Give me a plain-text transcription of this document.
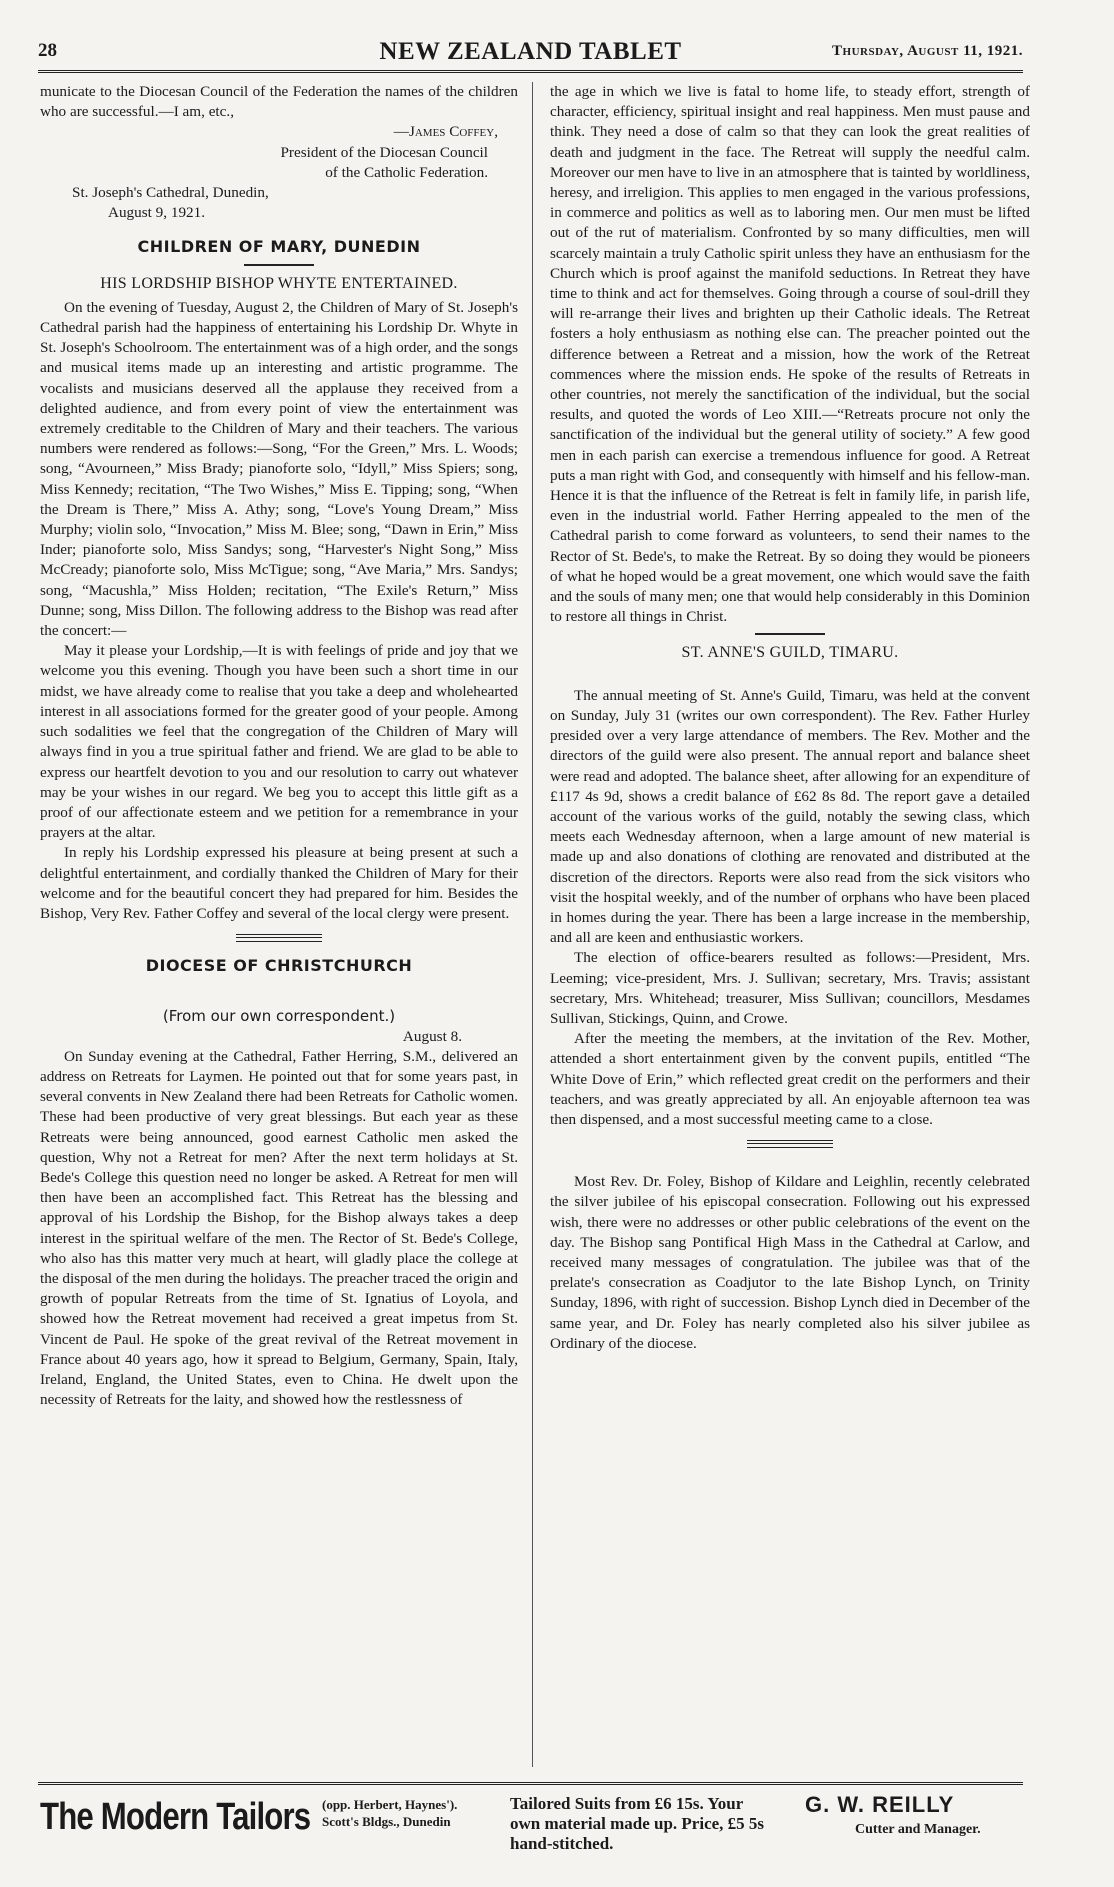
28	NEW ZEALAND TABLET	Thursday, August 11, 1921.

municate to the Diocesan Council of the Federation the names of the children who are successful.—I am, etc.,

—James Coffey,
President of the Diocesan Council
of the Catholic Federation.
St. Joseph's Cathedral, Dunedin,
August 9, 1921.
CHILDREN OF MARY, DUNEDIN
HIS LORDSHIP BISHOP WHYTE ENTERTAINED.

On the evening of Tuesday, August 2, the Children of Mary of St. Joseph's Cathedral parish had the happiness of entertaining his Lordship Dr. Whyte in St. Joseph's Schoolroom. The entertainment was of a high order, and the songs and musical items made up an interesting and artistic programme. The vocalists and musicians deserved all the applause they received from a delighted audience, and from every point of view the entertainment was extremely creditable to the Children of Mary and their teachers. The various numbers were rendered as follows:—Song, “For the Green,” Mrs. L. Woods; song, “Avourneen,” Miss Brady; pianoforte solo, “Idyll,” Miss Spiers; song, Miss Kennedy; recitation, “The Two Wishes,” Miss E. Tipping; song, “When the Dream is There,” Miss A. Athy; song, “Love's Young Dream,” Miss Murphy; violin solo, “Invocation,” Miss M. Blee; song, “Dawn in Erin,” Miss Inder; pianoforte solo, Miss Sandys; song, “Harvester's Night Song,” Miss McCready; pianoforte solo, Miss McTigue; song, “Ave Maria,” Mrs. Sandys; song, “Macushla,” Miss Holden; recitation, “The Exile's Return,” Miss Dunne; song, Miss Dillon. The following address to the Bishop was read after the concert:—

May it please your Lordship,—It is with feelings of pride and joy that we welcome you this evening. Though you have been such a short time in our midst, we have already come to realise that you take a deep and wholehearted interest in all associations formed for the greater good of your people. Among such sodalities we feel that the congregation of the Children of Mary will always find in you a true spiritual father and friend. We are glad to be able to express our heartfelt devotion to you and our resolution to carry out whatever may be your wishes in our regard. We beg you to accept this little gift as a proof of our affectionate esteem and we petition for a remembrance in your prayers at the altar.

In reply his Lordship expressed his pleasure at being present at such a delightful entertainment, and cordially thanked the Children of Mary for their welcome and for the beautiful concert they had prepared for him. Besides the Bishop, Very Rev. Father Coffey and several of the local clergy were present.

DIOCESE OF CHRISTCHURCH
(From our own correspondent.)
August 8.

On Sunday evening at the Cathedral, Father Herring, S.M., delivered an address on Retreats for Laymen. He pointed out that for some years past, in several convents in New Zealand there had been Retreats for Catholic women. These had been productive of very great blessings. But each year as these Retreats were being announced, good earnest Catholic men asked the question, Why not a Retreat for men? After the next term holidays at St. Bede's College this question need no longer be asked. A Retreat for men will then have been an accomplished fact. This Retreat has the blessing and approval of his Lordship the Bishop, for the Bishop always takes a deep interest in the spiritual welfare of the men. The Rector of St. Bede's College, who also has this matter very much at heart, will gladly place the college at the disposal of the men during the holidays. The preacher traced the origin and growth of popular Retreats from the time of St. Ignatius of Loyola, and showed how the Retreat movement had received a great impetus from St. Vincent de Paul. He spoke of the great revival of the Retreat movement in France about 40 years ago, how it spread to Belgium, Germany, Spain, Italy, Ireland, England, the United States, even to China. He dwelt upon the necessity of Retreats for the laity, and showed how the restlessness of

the age in which we live is fatal to home life, to steady effort, strength of character, efficiency, spiritual insight and real happiness. Men must pause and think. They need a dose of calm so that they can look the great realities of death and judgment in the face. The Retreat will supply the needful calm. Moreover our men have to live in an atmosphere that is tainted by worldliness, heresy, and irreligion. This applies to men engaged in the various professions, in commerce and politics as well as to laboring men. Our men must be lifted out of the rut of materialism. Confronted by so many difficulties, men will scarcely maintain a truly Catholic spirit unless they have an enthusiasm for the Church which is proof against the manifold seductions. In Retreat they have time to think and act for themselves. Going through a course of soul-drill they will re-arrange their lives and brighten up their Catholic ideals. The Retreat fosters a holy enthusiasm as nothing else can. The preacher pointed out the difference between a Retreat and a mission, how the work of the Retreat commences where the mission ends. He spoke of the results of Retreats in other countries, not merely the sanctification of the individual, but the social results, and quoted the words of Leo XIII.—“Retreats procure not only the sanctification of the individual but the general utility of society.” A few good men in each parish can exercise a tremendous influence for good. A Retreat puts a man right with God, and consequently with himself and his fellow-man. Hence it is that the influence of the Retreat is felt in family life, in parish life, even in the industrial world. Father Herring appealed to the men of the Cathedral parish to come forward as volunteers, to send their names to the Rector of St. Bede's, to make the Retreat. By so doing they would be pioneers of what he hoped would be a great movement, one which would save the faith and the souls of many men; one that would help considerably in this Dominion to restore all things in Christ.

ST. ANNE'S GUILD, TIMARU.

The annual meeting of St. Anne's Guild, Timaru, was held at the convent on Sunday, July 31 (writes our own correspondent). The Rev. Father Hurley presided over a very large attendance of members. The Rev. Mother and the directors of the guild were also present. The annual report and balance sheet were read and adopted. The balance sheet, after allowing for an expenditure of £117 4s 9d, shows a credit balance of £62 8s 8d. The report gave a detailed account of the various works of the guild, notably the sewing class, which meets each Wednesday afternoon, when a large amount of new material is made up and also donations of clothing are renovated and distributed at the discretion of the directors. Reports were also read from the sick visitors who visit the hospital weekly, and of the number of orphans who have been placed in homes during the year. There has been a large increase in the membership, and all are keen and enthusiastic workers.

The election of office-bearers resulted as follows:—President, Mrs. Leeming; vice-president, Mrs. J. Sullivan; secretary, Mrs. Travis; assistant secretary, Mrs. Whitehead; treasurer, Miss Sullivan; councillors, Mesdames Sullivan, Stickings, Quinn, and Crowe.

After the meeting the members, at the invitation of the Rev. Mother, attended a short entertainment given by the convent pupils, entitled “The White Dove of Erin,” which reflected great credit on the performers and their teachers, and was greatly appreciated by all. An enjoyable afternoon tea was then dispensed, and a most successful meeting came to a close.

Most Rev. Dr. Foley, Bishop of Kildare and Leighlin, recently celebrated the silver jubilee of his episcopal consecration. Following out his expressed wish, there were no addresses or other public celebrations of the event on the day. The Bishop sang Pontifical High Mass in the Cathedral at Carlow, and received many messages of congratulation. The jubilee was that of the prelate's consecration as Coadjutor to the late Bishop Lynch, on Trinity Sunday, 1896, with right of succession. Bishop Lynch died in December of the same year, and Dr. Foley has nearly completed also his silver jubilee as Ordinary of the diocese.

The Modern Tailors (opp. Herbert, Haynes').
Scott's Bldgs., Dunedin
Tailored Suits from £6 15s. Your
own material made up. Price, £5 5s
hand-stitched.
G. W. REILLY
Cutter and Manager.
